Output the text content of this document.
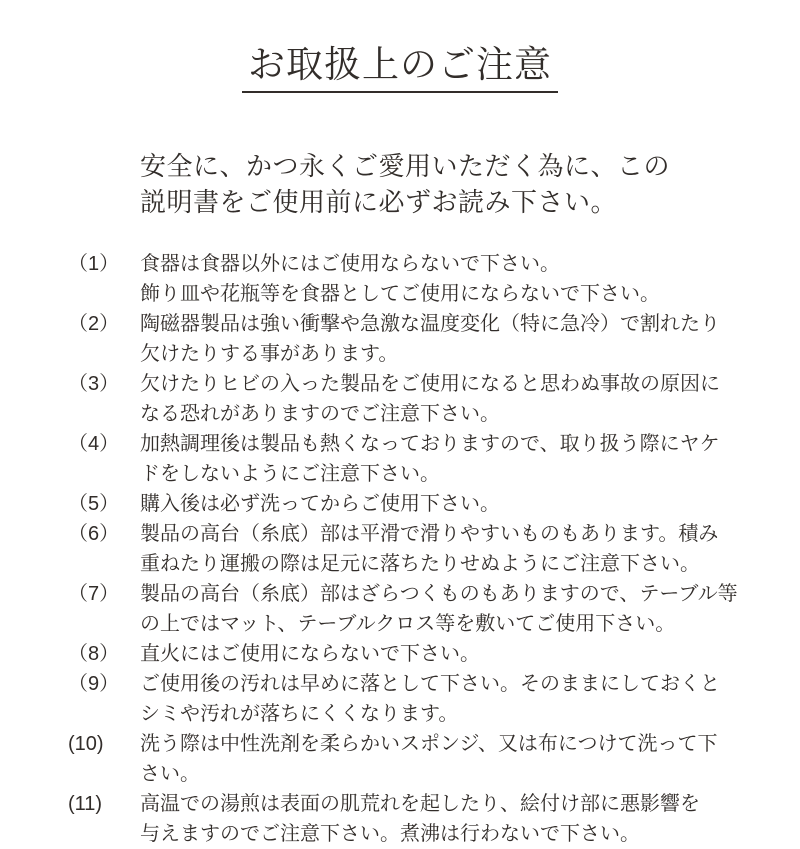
お取扱上のご注意
安全に、かつ永くご愛用いただく為に、この
説明書をご使用前に必ずお読み下さい。
（1）	食器は食器以外にはご使用ならないで下さい。
飾り皿や花瓶等を食器としてご使用にならないで下さい。
（2）	陶磁器製品は強い衝撃や急激な温度変化（特に急冷）で割れたり
欠けたりする事があります。
（3）	欠けたりヒビの入った製品をご使用になると思わぬ事故の原因に
なる恐れがありますのでご注意下さい。
（4）	加熱調理後は製品も熱くなっておりますので、取り扱う際にヤケ
ドをしないようにご注意下さい。
（5）	購入後は必ず洗ってからご使用下さい。
（6）	製品の高台（糸底）部は平滑で滑りやすいものもあります。積み
重ねたり運搬の際は足元に落ちたりせぬようにご注意下さい。
（7）	製品の高台（糸底）部はざらつくものもありますので、テーブル等
の上ではマット、テーブルクロス等を敷いてご使用下さい。
（8）	直火にはご使用にならないで下さい。
（9）	ご使用後の汚れは早めに落として下さい。そのままにしておくと
シミや汚れが落ちにくくなります。
(10)	洗う際は中性洗剤を柔らかいスポンジ、又は布につけて洗って下
さい。
(11)	高温での湯煎は表面の肌荒れを起したり、絵付け部に悪影響を
与えますのでご注意下さい。煮沸は行わないで下さい。
